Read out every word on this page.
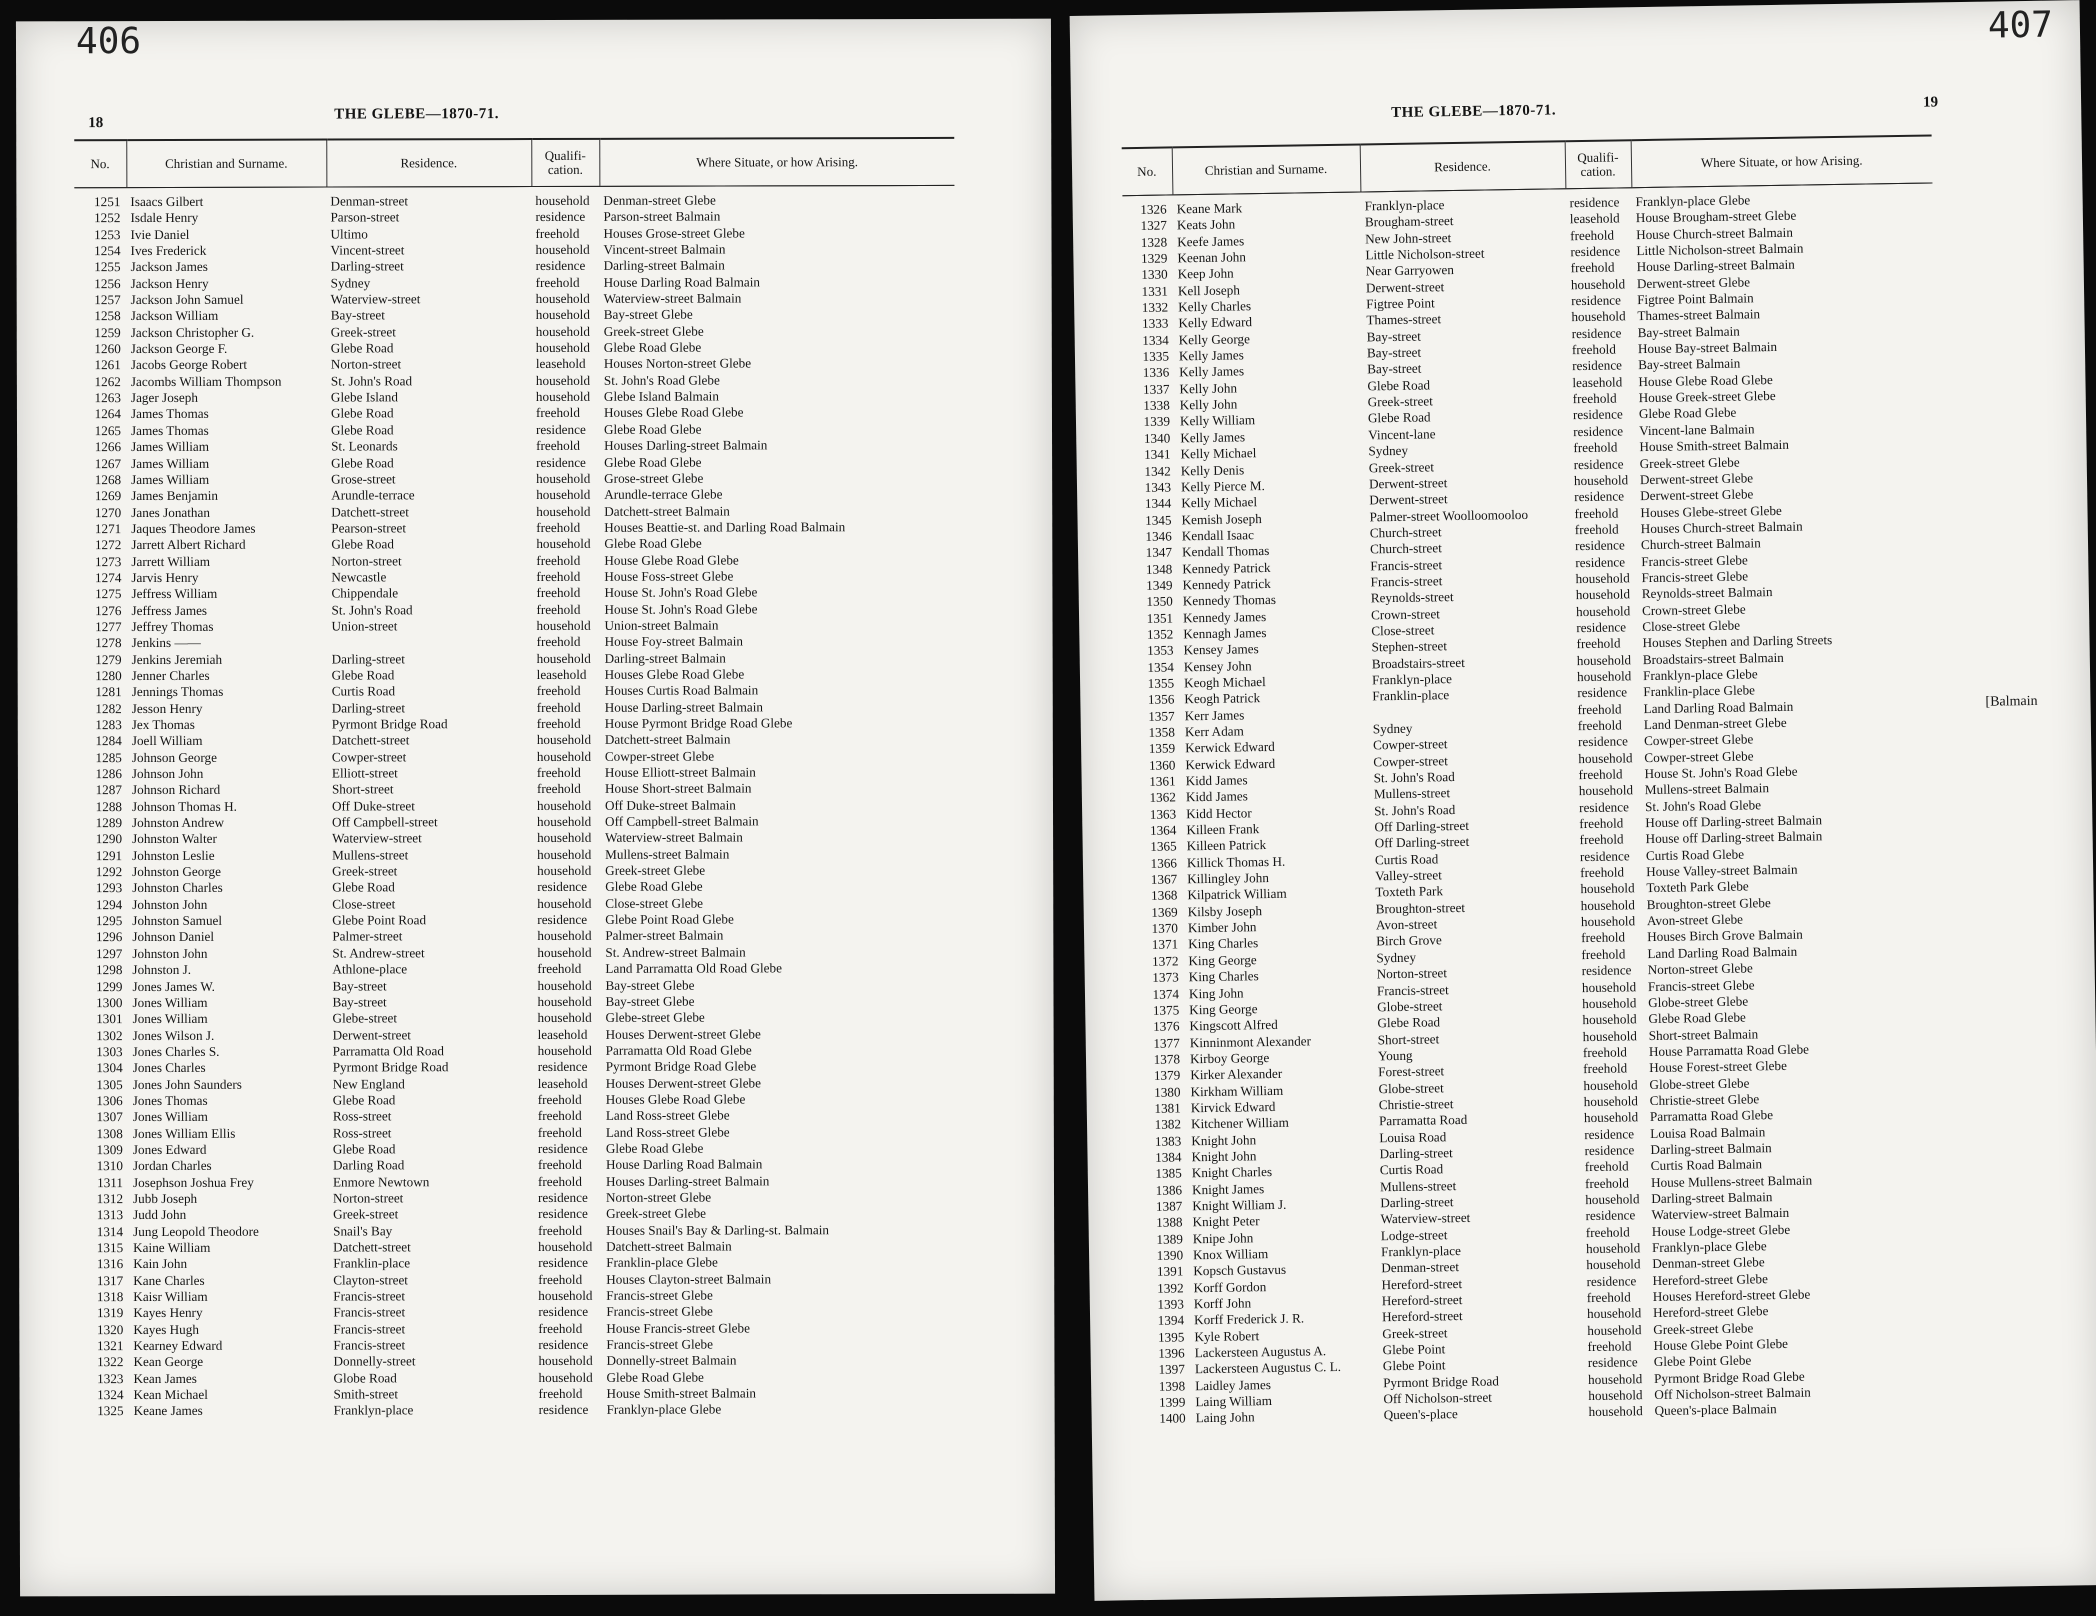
406
18
THE GLEBE—1870-71.
No.	Christian and Surname.	Residence.	Qualifi- cation.	Where Situate, or how Arising.
1251	Isaacs Gilbert	Denman-street	household	Denman-street Glebe
1252	Isdale Henry	Parson-street	residence	Parson-street Balmain
1253	Ivie Daniel	Ultimo	freehold	Houses Grose-street Glebe
1254	Ives Frederick	Vincent-street	household	Vincent-street Balmain
1255	Jackson James	Darling-street	residence	Darling-street Balmain
1256	Jackson Henry	Sydney	freehold	House Darling Road Balmain
1257	Jackson John Samuel	Waterview-street	household	Waterview-street Balmain
1258	Jackson William	Bay-street	household	Bay-street Glebe
1259	Jackson Christopher G.	Greek-street	household	Greek-street Glebe
1260	Jackson George F.	Glebe Road	household	Glebe Road Glebe
1261	Jacobs George Robert	Norton-street	leasehold	Houses Norton-street Glebe
1262	Jacombs William Thompson	St. John's Road	household	St. John's Road Glebe
1263	Jager Joseph	Glebe Island	household	Glebe Island Balmain
1264	James Thomas	Glebe Road	freehold	Houses Glebe Road Glebe
1265	James Thomas	Glebe Road	residence	Glebe Road Glebe
1266	James William	St. Leonards	freehold	Houses Darling-street Balmain
1267	James William	Glebe Road	residence	Glebe Road Glebe
1268	James William	Grose-street	household	Grose-street Glebe
1269	James Benjamin	Arundle-terrace	household	Arundle-terrace Glebe
1270	Janes Jonathan	Datchett-street	household	Datchett-street Balmain
1271	Jaques Theodore James	Pearson-street	freehold	Houses Beattie-st. and Darling Road Balmain
1272	Jarrett Albert Richard	Glebe Road	household	Glebe Road Glebe
1273	Jarrett William	Norton-street	freehold	House Glebe Road Glebe
1274	Jarvis Henry	Newcastle	freehold	House Foss-street Glebe
1275	Jeffress William	Chippendale	freehold	House St. John's Road Glebe
1276	Jeffress James	St. John's Road	freehold	House St. John's Road Glebe
1277	Jeffrey Thomas	Union-street	household	Union-street Balmain
1278	Jenkins ——		freehold	House Foy-street Balmain
1279	Jenkins Jeremiah	Darling-street	household	Darling-street Balmain
1280	Jenner Charles	Glebe Road	leasehold	Houses Glebe Road Glebe
1281	Jennings Thomas	Curtis Road	freehold	Houses Curtis Road Balmain
1282	Jesson Henry	Darling-street	freehold	House Darling-street Balmain
1283	Jex Thomas	Pyrmont Bridge Road	freehold	House Pyrmont Bridge Road Glebe
1284	Joell William	Datchett-street	household	Datchett-street Balmain
1285	Johnson George	Cowper-street	household	Cowper-street Glebe
1286	Johnson John	Elliott-street	freehold	House Elliott-street Balmain
1287	Johnson Richard	Short-street	freehold	House Short-street Balmain
1288	Johnson Thomas H.	Off Duke-street	household	Off Duke-street Balmain
1289	Johnston Andrew	Off Campbell-street	household	Off Campbell-street Balmain
1290	Johnston Walter	Waterview-street	household	Waterview-street Balmain
1291	Johnston Leslie	Mullens-street	household	Mullens-street Balmain
1292	Johnston George	Greek-street	household	Greek-street Glebe
1293	Johnston Charles	Glebe Road	residence	Glebe Road Glebe
1294	Johnston John	Close-street	household	Close-street Glebe
1295	Johnston Samuel	Glebe Point Road	residence	Glebe Point Road Glebe
1296	Johnson Daniel	Palmer-street	household	Palmer-street Balmain
1297	Johnston John	St. Andrew-street	household	St. Andrew-street Balmain
1298	Johnston J.	Athlone-place	freehold	Land Parramatta Old Road Glebe
1299	Jones James W.	Bay-street	household	Bay-street Glebe
1300	Jones William	Bay-street	household	Bay-street Glebe
1301	Jones William	Glebe-street	household	Glebe-street Glebe
1302	Jones Wilson J.	Derwent-street	leasehold	Houses Derwent-street Glebe
1303	Jones Charles S.	Parramatta Old Road	household	Parramatta Old Road Glebe
1304	Jones Charles	Pyrmont Bridge Road	residence	Pyrmont Bridge Road Glebe
1305	Jones John Saunders	New England	leasehold	Houses Derwent-street Glebe
1306	Jones Thomas	Glebe Road	freehold	Houses Glebe Road Glebe
1307	Jones William	Ross-street	freehold	Land Ross-street Glebe
1308	Jones William Ellis	Ross-street	freehold	Land Ross-street Glebe
1309	Jones Edward	Glebe Road	residence	Glebe Road Glebe
1310	Jordan Charles	Darling Road	freehold	House Darling Road Balmain
1311	Josephson Joshua Frey	Enmore Newtown	freehold	Houses Darling-street Balmain
1312	Jubb Joseph	Norton-street	residence	Norton-street Glebe
1313	Judd John	Greek-street	residence	Greek-street Glebe
1314	Jung Leopold Theodore	Snail's Bay	freehold	Houses Snail's Bay & Darling-st. Balmain
1315	Kaine William	Datchett-street	household	Datchett-street Balmain
1316	Kain John	Franklin-place	residence	Franklin-place Glebe
1317	Kane Charles	Clayton-street	freehold	Houses Clayton-street Balmain
1318	Kaisr William	Francis-street	household	Francis-street Glebe
1319	Kayes Henry	Francis-street	residence	Francis-street Glebe
1320	Kayes Hugh	Francis-street	freehold	House Francis-street Glebe
1321	Kearney Edward	Francis-street	residence	Francis-street Glebe
1322	Kean George	Donnelly-street	household	Donnelly-street Balmain
1323	Kean James	Globe Road	household	Glebe Road Glebe
1324	Kean Michael	Smith-street	freehold	House Smith-street Balmain
1325	Keane James	Franklyn-place	residence	Franklyn-place Glebe
407
19
THE GLEBE—1870-71.
No.	Christian and Surname.	Residence.	Qualifi- cation.	Where Situate, or how Arising.
1326	Keane Mark	Franklyn-place	residence	Franklyn-place Glebe
1327	Keats John	Brougham-street	leasehold	House Brougham-street Glebe
1328	Keefe James	New John-street	freehold	House Church-street Balmain
1329	Keenan John	Little Nicholson-street	residence	Little Nicholson-street Balmain
1330	Keep John	Near Garryowen	freehold	House Darling-street Balmain
1331	Kell Joseph	Derwent-street	household	Derwent-street Glebe
1332	Kelly Charles	Figtree Point	residence	Figtree Point Balmain
1333	Kelly Edward	Thames-street	household	Thames-street Balmain
1334	Kelly George	Bay-street	residence	Bay-street Balmain
1335	Kelly James	Bay-street	freehold	House Bay-street Balmain
1336	Kelly James	Bay-street	residence	Bay-street Balmain
1337	Kelly John	Glebe Road	leasehold	House Glebe Road Glebe
1338	Kelly John	Greek-street	freehold	House Greek-street Glebe
1339	Kelly William	Glebe Road	residence	Glebe Road Glebe
1340	Kelly James	Vincent-lane	residence	Vincent-lane Balmain
1341	Kelly Michael	Sydney	freehold	House Smith-street Balmain
1342	Kelly Denis	Greek-street	residence	Greek-street Glebe
1343	Kelly Pierce M.	Derwent-street	household	Derwent-street Glebe
1344	Kelly Michael	Derwent-street	residence	Derwent-street Glebe
1345	Kemish Joseph	Palmer-street Woolloomooloo	freehold	Houses Glebe-street Glebe
1346	Kendall Isaac	Church-street	freehold	Houses Church-street Balmain
1347	Kendall Thomas	Church-street	residence	Church-street Balmain
1348	Kennedy Patrick	Francis-street	residence	Francis-street Glebe
1349	Kennedy Patrick	Francis-street	household	Francis-street Glebe
1350	Kennedy Thomas	Reynolds-street	household	Reynolds-street Balmain
1351	Kennedy James	Crown-street	household	Crown-street Glebe
1352	Kennagh James	Close-street	residence	Close-street Glebe
1353	Kensey James	Stephen-street	freehold	Houses Stephen and Darling Streets
1354	Kensey John	Broadstairs-street	household	Broadstairs-street Balmain
1355	Keogh Michael	Franklyn-place	household	Franklyn-place Glebe
1356	Keogh Patrick	Franklin-place	residence	Franklin-place Glebe
1357	Kerr James		freehold	Land Darling Road Balmain
1358	Kerr Adam	Sydney	freehold	Land Denman-street Glebe
1359	Kerwick Edward	Cowper-street	residence	Cowper-street Glebe
1360	Kerwick Edward	Cowper-street	household	Cowper-street Glebe
1361	Kidd James	St. John's Road	freehold	House St. John's Road Glebe
1362	Kidd James	Mullens-street	household	Mullens-street Balmain
1363	Kidd Hector	St. John's Road	residence	St. John's Road Glebe
1364	Killeen Frank	Off Darling-street	freehold	House off Darling-street Balmain
1365	Killeen Patrick	Off Darling-street	freehold	House off Darling-street Balmain
1366	Killick Thomas H.	Curtis Road	residence	Curtis Road Glebe
1367	Killingley John	Valley-street	freehold	House Valley-street Balmain
1368	Kilpatrick William	Toxteth Park	household	Toxteth Park Glebe
1369	Kilsby Joseph	Broughton-street	household	Broughton-street Glebe
1370	Kimber John	Avon-street	household	Avon-street Glebe
1371	King Charles	Birch Grove	freehold	Houses Birch Grove Balmain
1372	King George	Sydney	freehold	Land Darling Road Balmain
1373	King Charles	Norton-street	residence	Norton-street Glebe
1374	King John	Francis-street	household	Francis-street Glebe
1375	King George	Globe-street	household	Globe-street Glebe
1376	Kingscott Alfred	Glebe Road	household	Glebe Road Glebe
1377	Kinninmont Alexander	Short-street	household	Short-street Balmain
1378	Kirboy George	Young	freehold	House Parramatta Road Glebe
1379	Kirker Alexander	Forest-street	freehold	House Forest-street Glebe
1380	Kirkham William	Globe-street	household	Globe-street Glebe
1381	Kirvick Edward	Christie-street	household	Christie-street Glebe
1382	Kitchener William	Parramatta Road	household	Parramatta Road Glebe
1383	Knight John	Louisa Road	residence	Louisa Road Balmain
1384	Knight John	Darling-street	residence	Darling-street Balmain
1385	Knight Charles	Curtis Road	freehold	Curtis Road Balmain
1386	Knight James	Mullens-street	freehold	House Mullens-street Balmain
1387	Knight William J.	Darling-street	household	Darling-street Balmain
1388	Knight Peter	Waterview-street	residence	Waterview-street Balmain
1389	Knipe John	Lodge-street	freehold	House Lodge-street Glebe
1390	Knox William	Franklyn-place	household	Franklyn-place Glebe
1391	Kopsch Gustavus	Denman-street	household	Denman-street Glebe
1392	Korff Gordon	Hereford-street	residence	Hereford-street Glebe
1393	Korff John	Hereford-street	freehold	Houses Hereford-street Glebe
1394	Korff Frederick J. R.	Hereford-street	household	Hereford-street Glebe
1395	Kyle Robert	Greek-street	household	Greek-street Glebe
1396	Lackersteen Augustus A.	Glebe Point	freehold	House Glebe Point Glebe
1397	Lackersteen Augustus C. L.	Glebe Point	residence	Glebe Point Glebe
1398	Laidley James	Pyrmont Bridge Road	household	Pyrmont Bridge Road Glebe
1399	Laing William	Off Nicholson-street	household	Off Nicholson-street Balmain
1400	Laing John	Queen's-place	household	Queen's-place Balmain
[Balmain
